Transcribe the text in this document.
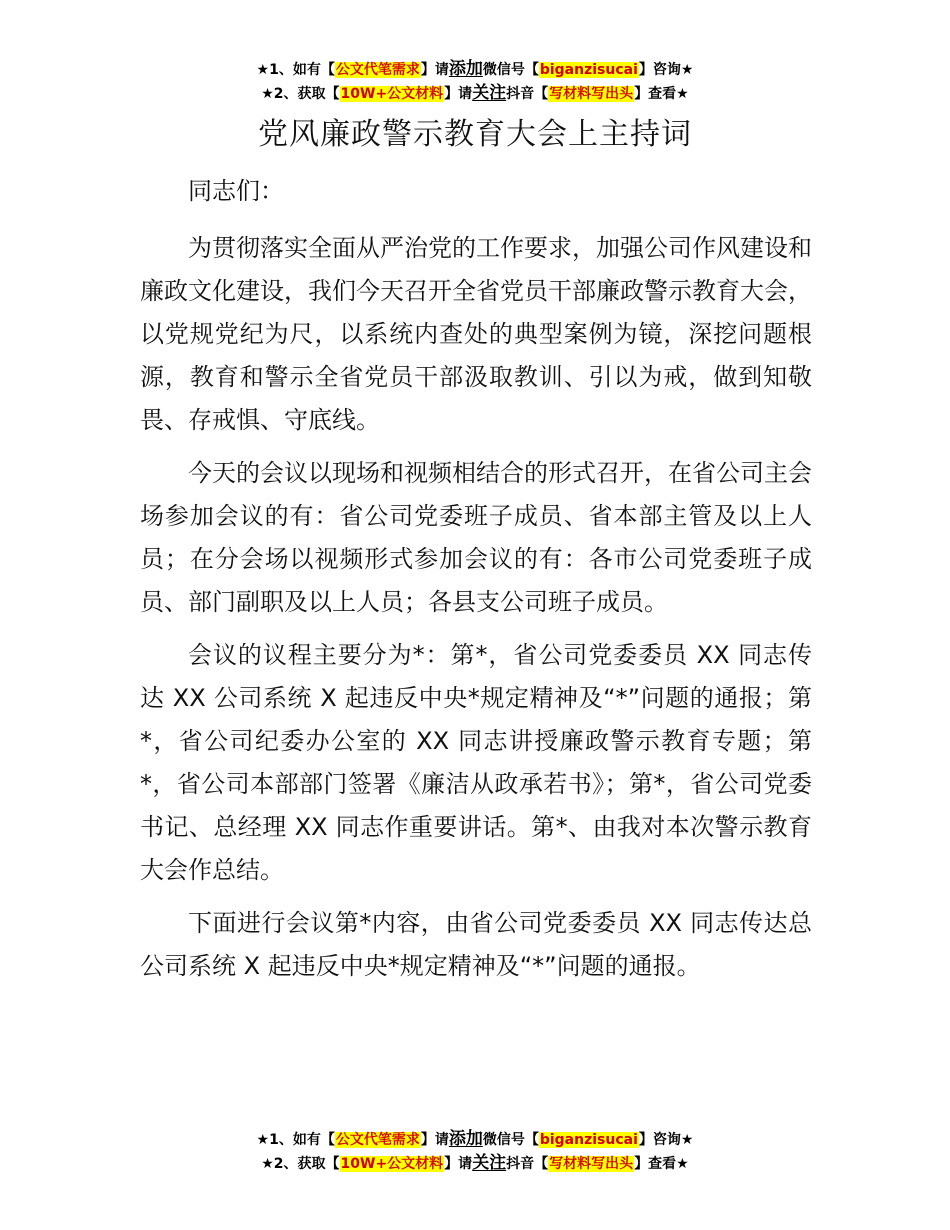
★1、如有【公文代笔需求】请添加微信号【biganzisucai】咨询★
★2、获取【10W+公文材料】请关注抖音【写材料写出头】查看★
党风廉政警示教育大会上主持词

同志们：

为贯彻落实全面从严治党的工作要求，加强公司作风建设和廉政文化建设，我们今天召开全省党员干部廉政警示教育大会，以党规党纪为尺，以系统内查处的典型案例为镜，深挖问题根源，教育和警示全省党员干部汲取教训、引以为戒，做到知敬畏、存戒惧、守底线。

今天的会议以现场和视频相结合的形式召开，在省公司主会场参加会议的有：省公司党委班子成员、省本部主管及以上人员；在分会场以视频形式参加会议的有：各市公司党委班子成员、部门副职及以上人员；各县支公司班子成员。

会议的议程主要分为*：第*，省公司党委委员 XX 同志传达 XX 公司系统 X 起违反中央*规定精神及“*”问题的通报；第*，省公司纪委办公室的 XX 同志讲授廉政警示教育专题；第*，省公司本部部门签署《廉洁从政承若书》；第*，省公司党委书记、总经理 XX 同志作重要讲话。第*、由我对本次警示教育大会作总结。

下面进行会议第*内容，由省公司党委委员 XX 同志传达总公司系统 X 起违反中央*规定精神及“*”问题的通报。

★1、如有【公文代笔需求】请添加微信号【biganzisucai】咨询★
★2、获取【10W+公文材料】请关注抖音【写材料写出头】查看★
